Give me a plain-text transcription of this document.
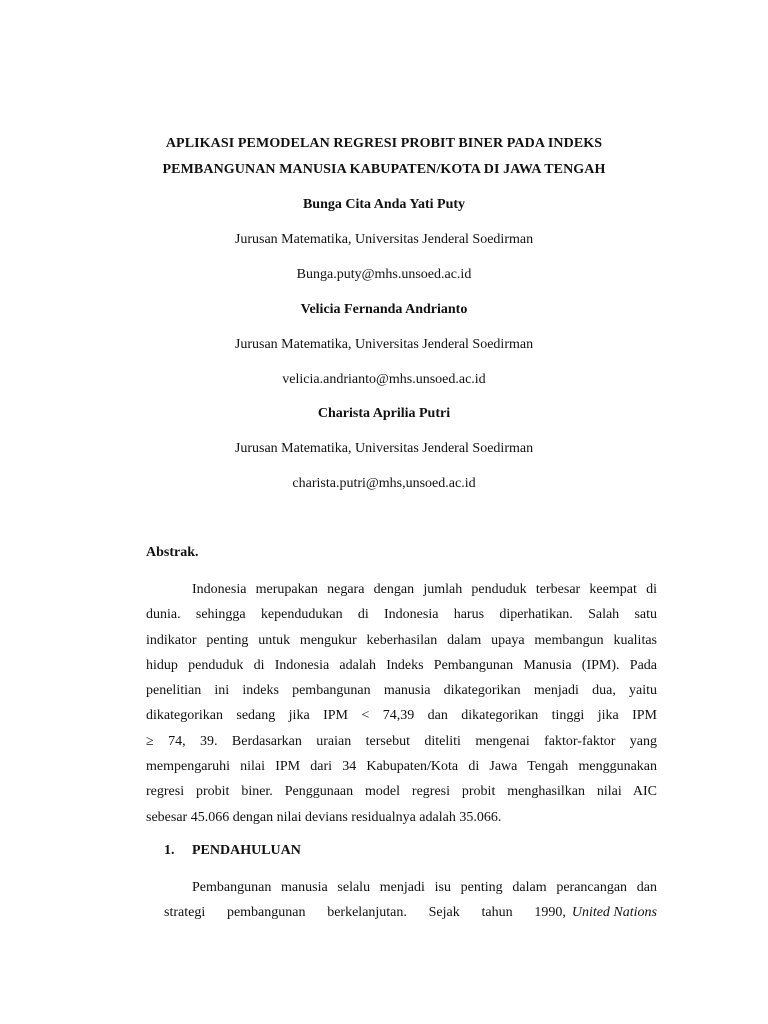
APLIKASI PEMODELAN REGRESI PROBIT BINER PADA INDEKS
PEMBANGUNAN MANUSIA KABUPATEN/KOTA DI JAWA TENGAH
Bunga Cita Anda Yati Puty
Jurusan Matematika, Universitas Jenderal Soedirman
Bunga.puty@mhs.unsoed.ac.id
Velicia Fernanda Andrianto
Jurusan Matematika, Universitas Jenderal Soedirman
velicia.andrianto@mhs.unsoed.ac.id
Charista Aprilia Putri
Jurusan Matematika, Universitas Jenderal Soedirman
charista.putri@mhs,unsoed.ac.id
Abstrak.
Indonesia merupakan negara dengan jumlah penduduk terbesar keempat di
dunia. sehingga kependudukan di Indonesia harus diperhatikan. Salah satu
indikator penting untuk mengukur keberhasilan dalam upaya membangun kualitas
hidup penduduk di Indonesia adalah Indeks Pembangunan Manusia (IPM). Pada
penelitian ini indeks pembangunan manusia dikategorikan menjadi dua, yaitu
dikategorikan sedang jika IPM < 74,39 dan dikategorikan tinggi jika IPM
≥ 74, 39. Berdasarkan uraian tersebut diteliti mengenai faktor-faktor yang
mempengaruhi nilai IPM dari 34 Kabupaten/Kota di Jawa Tengah menggunakan
regresi probit biner. Penggunaan model regresi probit menghasilkan nilai AIC
sebesar 45.066 dengan nilai devians residualnya adalah 35.066.
1. PENDAHULUAN
Pembangunan manusia selalu menjadi isu penting dalam perancangan dan
strategi pembangunan berkelanjutan. Sejak tahun 1990, United Nations
